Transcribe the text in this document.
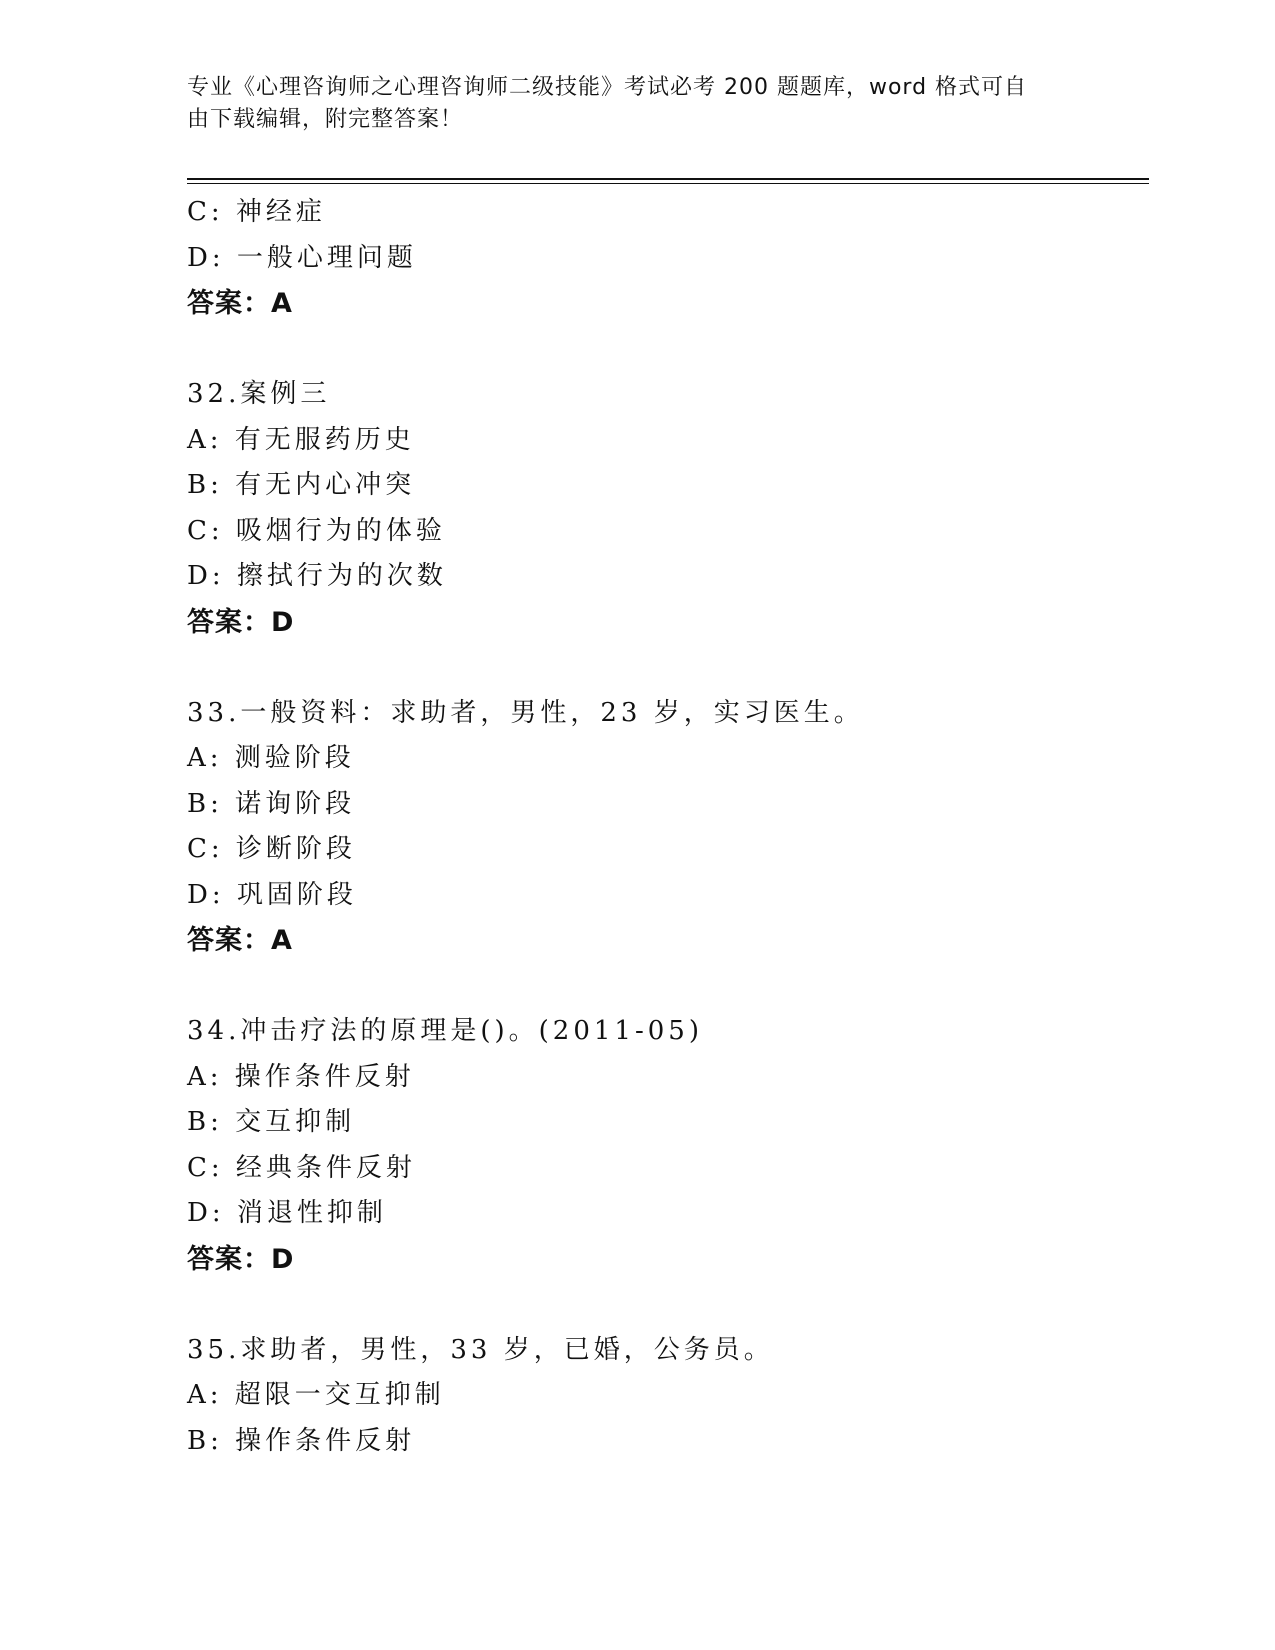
专业《心理咨询师之心理咨询师二级技能》考试必考 200 题题库，word 格式可自
由下载编辑，附完整答案！
C: 神经症
D: 一般心理问题
答案：A
32.案例三
A: 有无服药历史
B: 有无内心冲突
C: 吸烟行为的体验
D: 擦拭行为的次数
答案：D
33.一般资料：求助者，男性，23 岁，实习医生。
A: 测验阶段
B: 诺询阶段
C: 诊断阶段
D: 巩固阶段
答案：A
34.冲击疗法的原理是()。(2011-05)
A: 操作条件反射
B: 交互抑制
C: 经典条件反射
D: 消退性抑制
答案：D
35.求助者，男性，33 岁，已婚，公务员。
A: 超限一交互抑制
B: 操作条件反射
